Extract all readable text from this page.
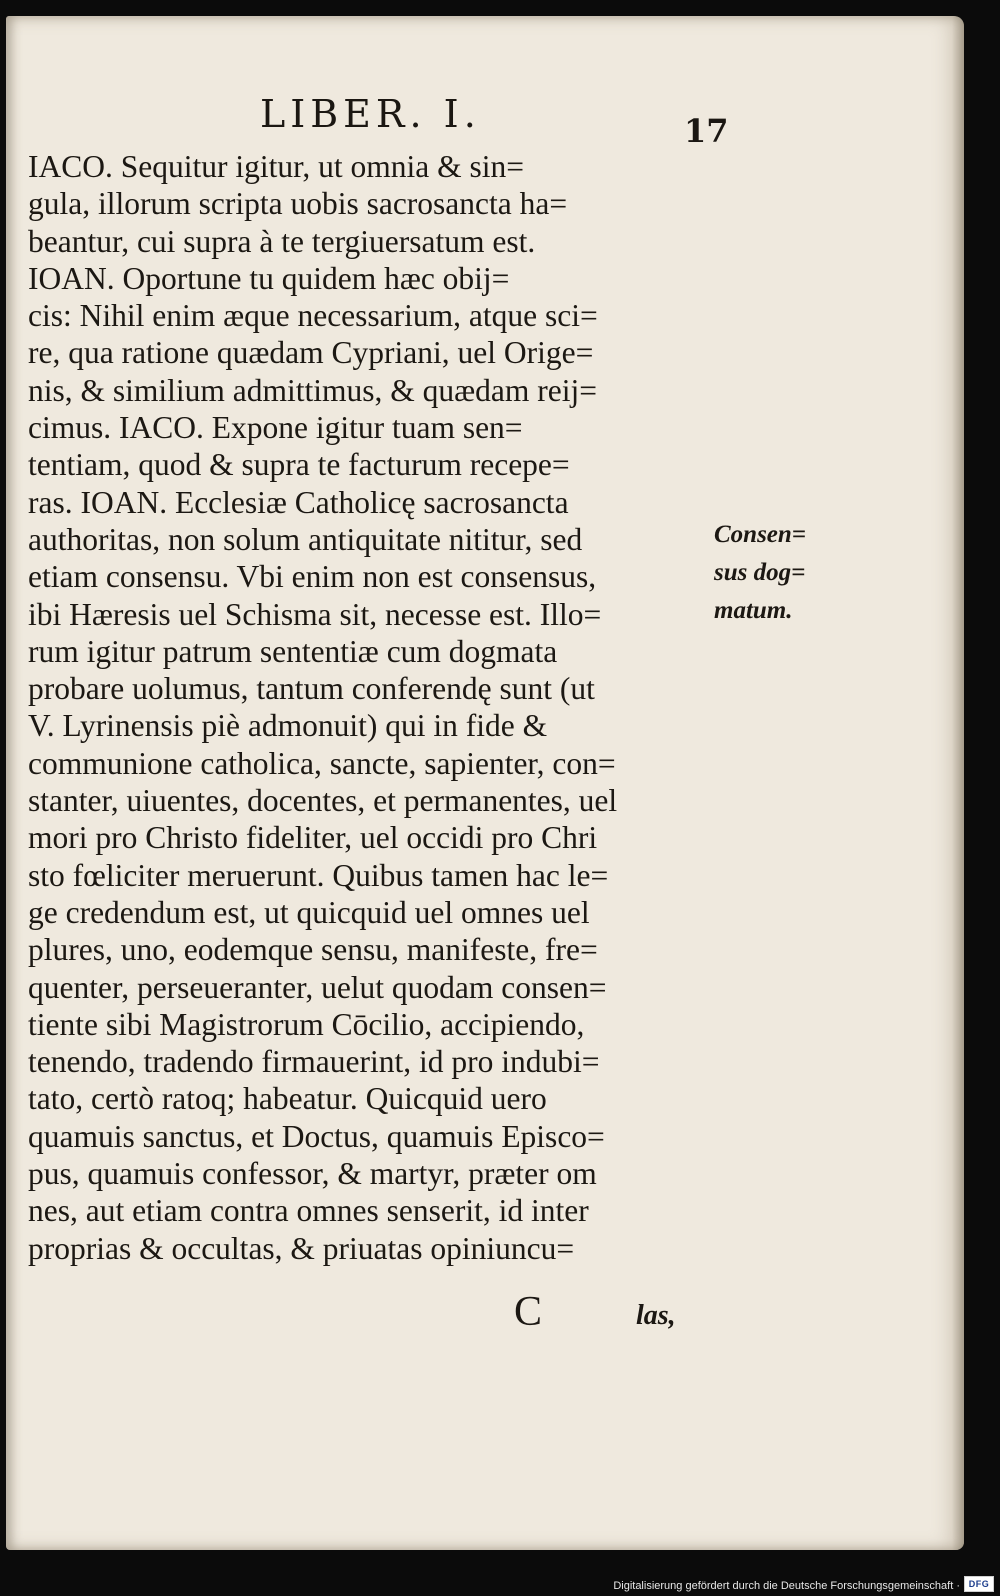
LIBER. I.	17
IACO. Sequitur igitur, ut omnia & sin=
gula, illorum scripta uobis sacrosancta ha=
beantur, cui supra à te tergiuersatum est.
IOAN. Oportune tu quidem hæc obij=
cis: Nihil enim æque necessarium, atque sci=
re, qua ratione quædam Cypriani, uel Orige=
nis, & similium admittimus, & quædam reij=
cimus. IACO. Expone igitur tuam sen=
tentiam, quod & supra te facturum recepe=
ras. IOAN. Ecclesiæ Catholicę sacrosancta
authoritas, non solum antiquitate nititur, sed
etiam consensu. Vbi enim non est consensus,
ibi Hæresis uel Schisma sit, necesse est. Illo=
rum igitur patrum sententiæ cum dogmata
probare uolumus, tantum conferendę sunt (ut
V. Lyrinensis piè admonuit) qui in fide &
communione catholica, sancte, sapienter, con=
stanter, uiuentes, docentes, et permanentes, uel
mori pro Christo fideliter, uel occidi pro Chri
sto fœliciter meruerunt. Quibus tamen hac le=
ge credendum est, ut quicquid uel omnes uel
plures, uno, eodemque sensu, manifeste, fre=
quenter, perseueranter, uelut quodam consen=
tiente sibi Magistrorum Cōcilio, accipiendo,
tenendo, tradendo firmauerint, id pro indubi=
tato, certò ratoq; habeatur. Quicquid uero
quamuis sanctus, et Doctus, quamuis Episco=
pus, quamuis confessor, & martyr, præter om
nes, aut etiam contra omnes senserit, id inter
proprias & occultas, & priuatas opiniuncu=
Consen=
sus dog=
matum.
C	las,
Digitalisierung gefördert durch die Deutsche Forschungsgemeinschaft · DFG
